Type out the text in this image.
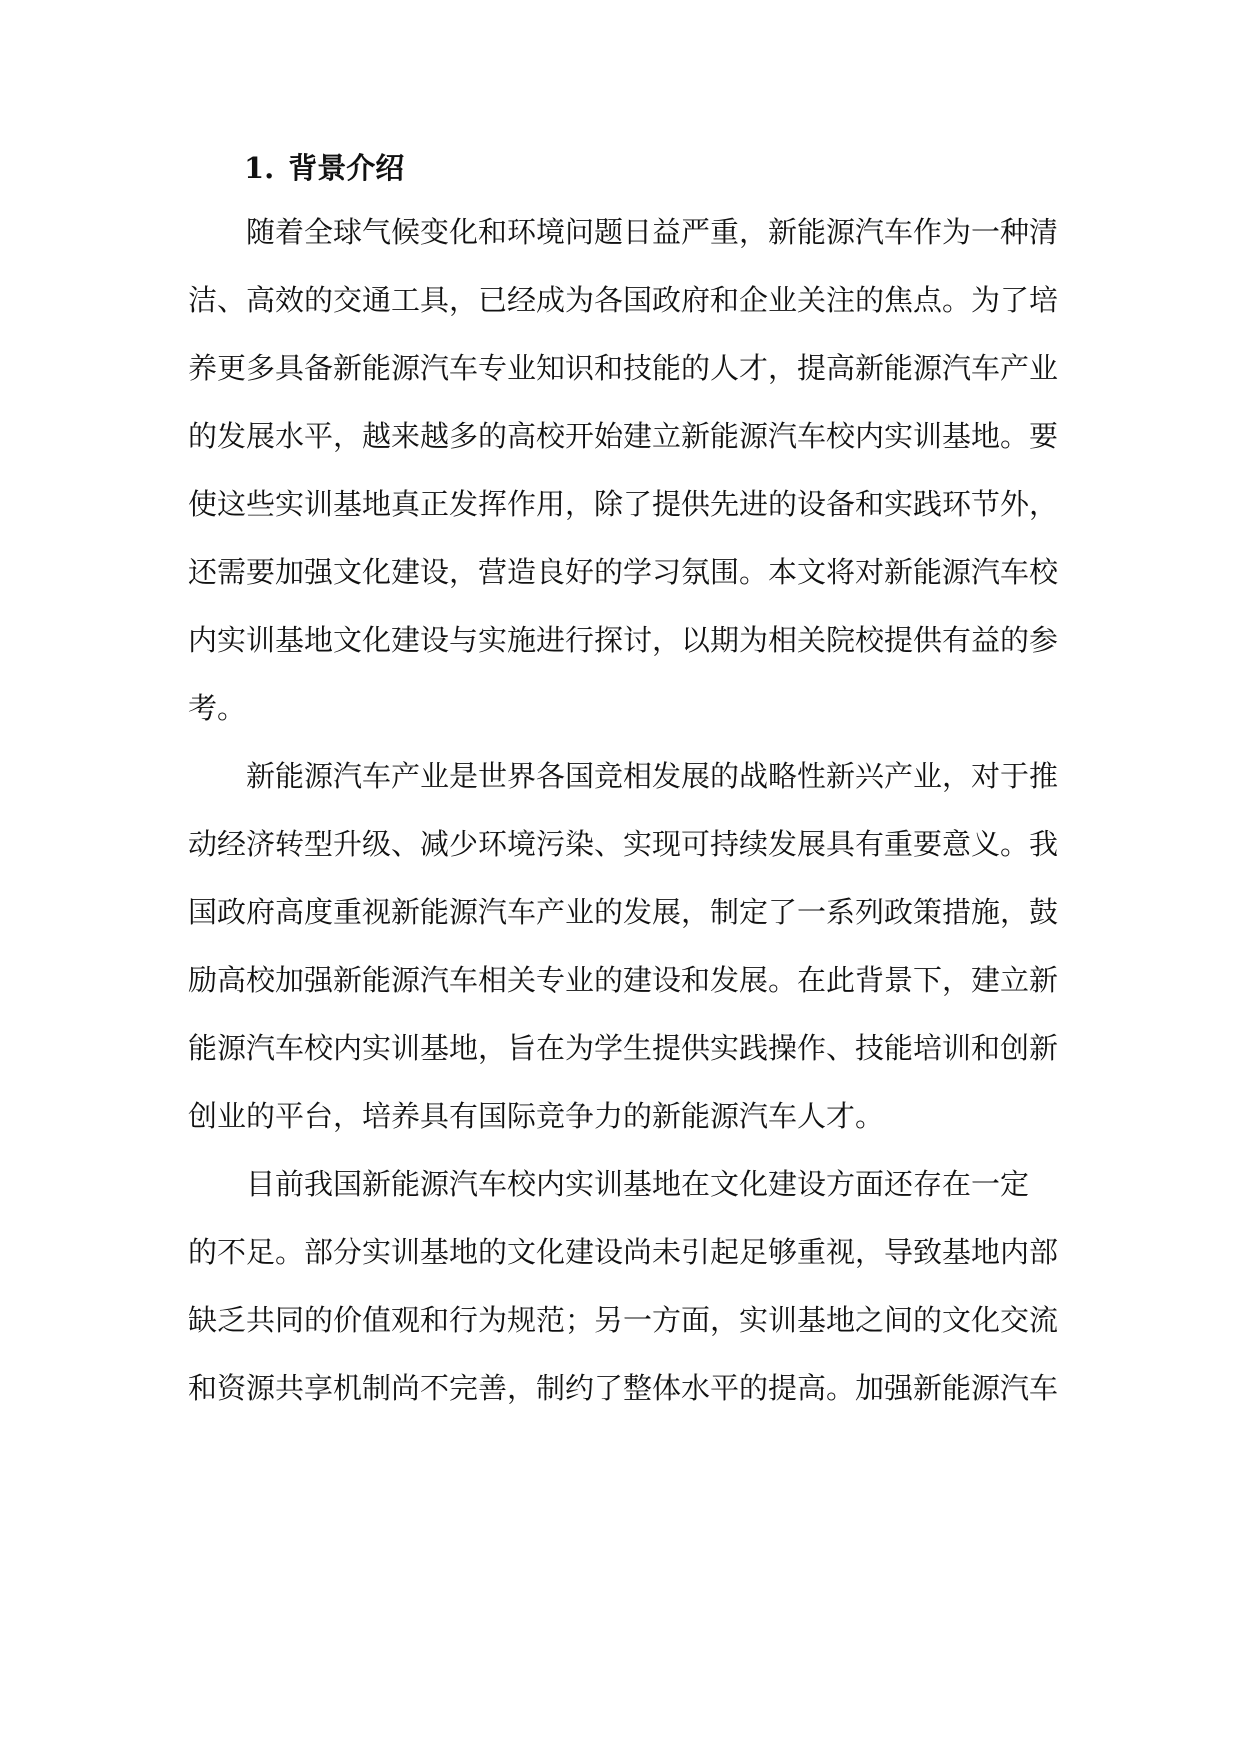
1. 背景介绍

随着全球气候变化和环境问题日益严重，新能源汽车作为一种清

洁、高效的交通工具，已经成为各国政府和企业关注的焦点。为了培

养更多具备新能源汽车专业知识和技能的人才，提高新能源汽车产业

的发展水平，越来越多的高校开始建立新能源汽车校内实训基地。要

使这些实训基地真正发挥作用，除了提供先进的设备和实践环节外，

还需要加强文化建设，营造良好的学习氛围。本文将对新能源汽车校

内实训基地文化建设与实施进行探讨，以期为相关院校提供有益的参

考。

新能源汽车产业是世界各国竞相发展的战略性新兴产业，对于推

动经济转型升级、减少环境污染、实现可持续发展具有重要意义。我

国政府高度重视新能源汽车产业的发展，制定了一系列政策措施，鼓

励高校加强新能源汽车相关专业的建设和发展。在此背景下，建立新

能源汽车校内实训基地，旨在为学生提供实践操作、技能培训和创新

创业的平台，培养具有国际竞争力的新能源汽车人才。

目前我国新能源汽车校内实训基地在文化建设方面还存在一定

的不足。部分实训基地的文化建设尚未引起足够重视，导致基地内部

缺乏共同的价值观和行为规范；另一方面，实训基地之间的文化交流

和资源共享机制尚不完善，制约了整体水平的提高。加强新能源汽车
